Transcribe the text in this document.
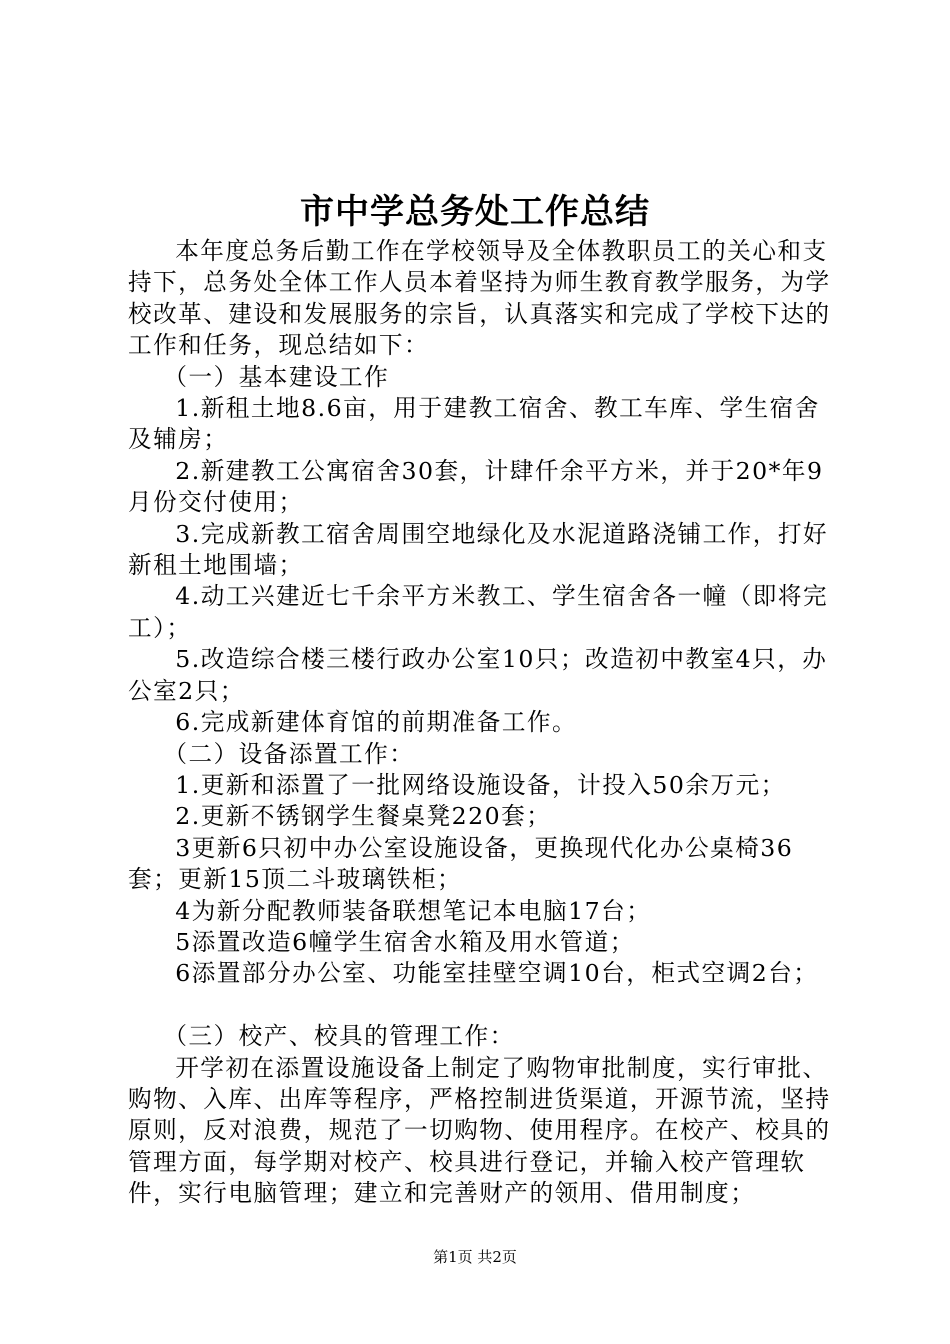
市中学总务处工作总结

本年度总务后勤工作在学校领导及全体教职员工的关心和支持下，总务处全体工作人员本着坚持为师生教育教学服务，为学校改革、建设和发展服务的宗旨，认真落实和完成了学校下达的工作和任务，现总结如下：

（一）基本建设工作

1.新租土地8.6亩，用于建教工宿舍、教工车库、学生宿舍及辅房；

2.新建教工公寓宿舍30套，计肆仟余平方米，并于20*年9月份交付使用；

3.完成新教工宿舍周围空地绿化及水泥道路浇铺工作，打好新租土地围墙；

4.动工兴建近七千余平方米教工、学生宿舍各一幢（即将完工）；

5.改造综合楼三楼行政办公室10只；改造初中教室4只，办公室2只；

6.完成新建体育馆的前期准备工作。

（二）设备添置工作：

1.更新和添置了一批网络设施设备，计投入50余万元；

2.更新不锈钢学生餐桌凳220套；

3更新6只初中办公室设施设备，更换现代化办公桌椅36套；更新15顶二斗玻璃铁柜；

4为新分配教师装备联想笔记本电脑17台；

5添置改造6幢学生宿舍水箱及用水管道；

6添置部分办公室、功能室挂壁空调10台，柜式空调2台；

（三）校产、校具的管理工作：

开学初在添置设施设备上制定了购物审批制度，实行审批、购物、入库、出库等程序，严格控制进货渠道，开源节流，坚持原则，反对浪费，规范了一切购物、使用程序。在校产、校具的管理方面，每学期对校产、校具进行登记，并输入校产管理软件，实行电脑管理；建立和完善财产的领用、借用制度；

第1页 共2页
